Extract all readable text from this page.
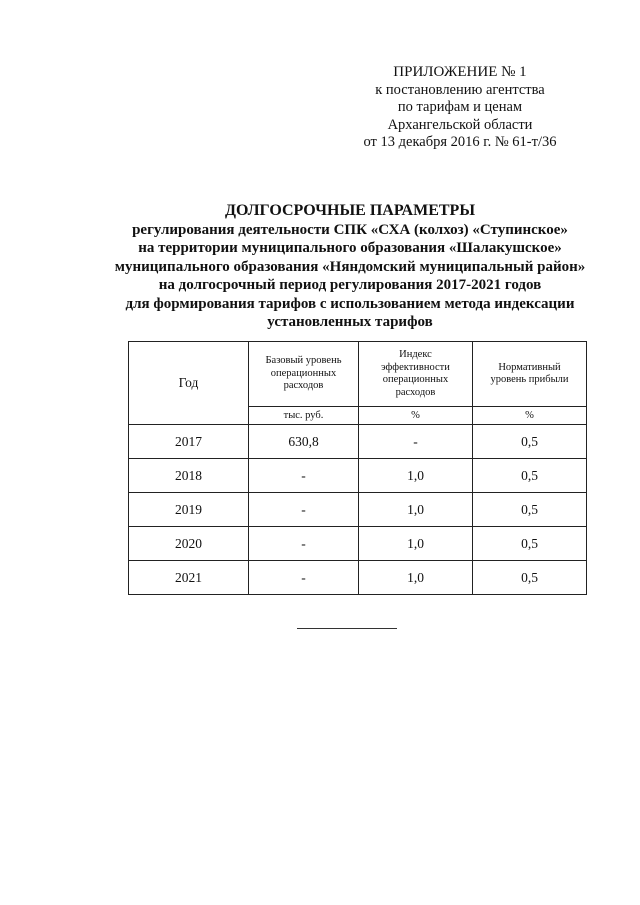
ПРИЛОЖЕНИЕ № 1
к постановлению агентства
по тарифам и ценам
Архангельской области
от 13 декабря 2016 г. № 61-т/36
ДОЛГОСРОЧНЫЕ ПАРАМЕТРЫ
регулирования деятельности СПК «СХА (колхоз) «Ступинское»
на территории муниципального образования «Шалакушское»
муниципального образования «Няндомский муниципальный район»
на долгосрочный период регулирования 2017-2021 годов
для формирования тарифов с использованием метода индексации
установленных тарифов
Год	Базовый уровень операционных расходов	Индекс эффективности операционных расходов	Нормативный уровень прибыли
	тыс. руб.	%	%
2017	630,8	-	0,5
2018	-	1,0	0,5
2019	-	1,0	0,5
2020	-	1,0	0,5
2021	-	1,0	0,5
